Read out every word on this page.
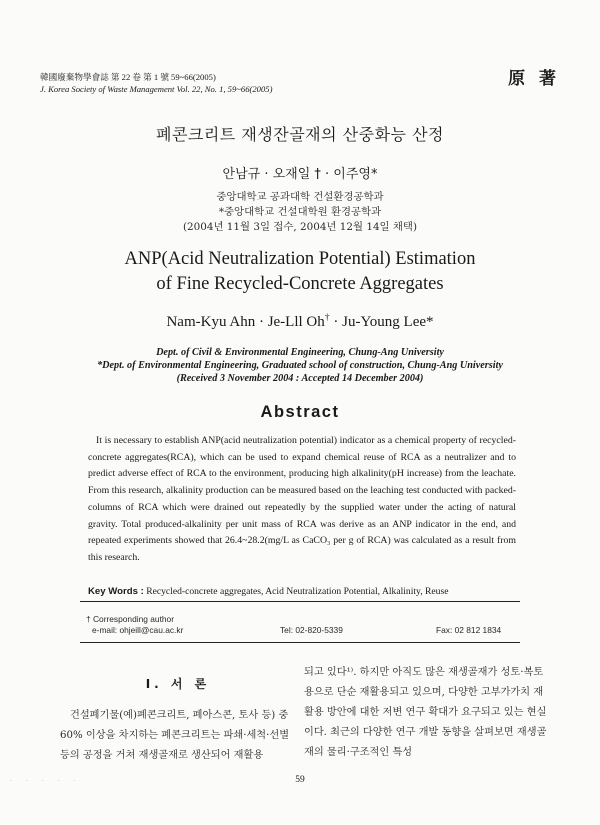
韓國廢棄物學會誌 第 22 卷 第 1 號 59~66(2005)
J. Korea Society of Waste Management Vol. 22, No. 1, 59~66(2005)	原 著
폐콘크리트 재생잔골재의 산중화능 산정
안남규 · 오재일 † · 이주영*
중앙대학교 공과대학 건설환경공학과
*중앙대학교 건설대학원 환경공학과
(2004년 11월 3일 접수, 2004년 12월 14일 채택)
ANP(Acid Neutralization Potential) Estimation
of Fine Recycled-Concrete Aggregates
Nam-Kyu Ahn · Je-Lll Oh† · Ju-Young Lee*
Dept. of Civil & Environmental Engineering, Chung-Ang University
*Dept. of Environmental Engineering, Graduated school of construction, Chung-Ang University
(Received 3 November 2004 : Accepted 14 December 2004)
Abstract

It is necessary to establish ANP(acid neutralization potential) indicator as a chemical property of recycled-concrete aggregates(RCA), which can be used to expand chemical reuse of RCA as a neutralizer and to predict adverse effect of RCA to the environment, producing high alkalinity(pH increase) from the leachate. From this research, alkalinity production can be measured based on the leaching test conducted with packed-columns of RCA which were drained out repeatedly by the supplied water under the acting of natural gravity. Total produced-alkalinity per unit mass of RCA was derive as an ANP indicator in the end, and repeated experiments showed that 26.4~28.2(mg/L as CaCO₃ per g of RCA) was calculated as a result from this research.

Key Words : Recycled-concrete aggregates, Acid Neutralization Potential, Alkalinity, Reuse
† Corresponding author
e-mail: ohjeill@cau.ac.kr	Tel: 02-820-5339	Fax: 02 812 1834
Ⅰ. 서 론

건설폐기물(예)폐콘크리트, 폐아스콘, 토사 등) 중 60% 이상을 차지하는 폐콘크리트는 파쇄·세척·선별 등의 공정을 거쳐 재생골재로 생산되어 재활용

되고 있다¹⁾. 하지만 아직도 많은 재생골재가 성토·복토용으로 단순 재활용되고 있으며, 다양한 고부가가치 재활용 방안에 대한 저변 연구 확대가 요구되고 있는 현실이다. 최근의 다양한 연구 개발 동향을 살펴보면 재생골재의 물리·구조적인 특성

59
· · · · ·
